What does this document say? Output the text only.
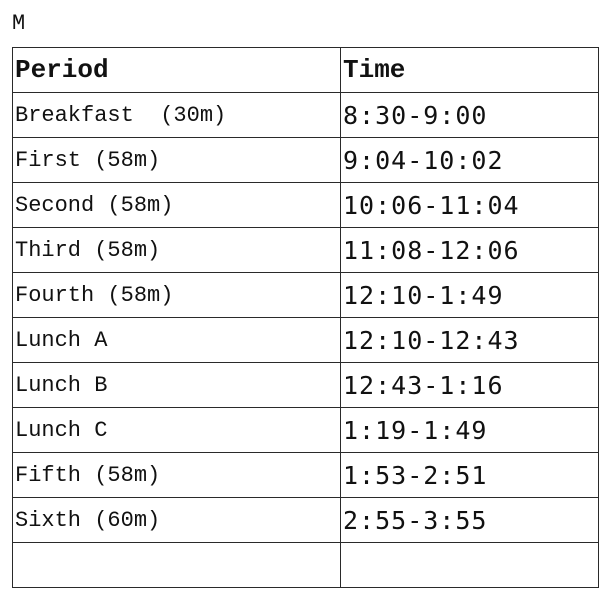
M
Period	Time
Breakfast  (30m)	8:30-9:00
First (58m)	9:04-10:02
Second (58m)	10:06-11:04
Third (58m)	11:08-12:06
Fourth (58m)	12:10-1:49
Lunch A	12:10-12:43
Lunch B	12:43-1:16
Lunch C	1:19-1:49
Fifth (58m)	1:53-2:51
Sixth (60m)	2:55-3:55
